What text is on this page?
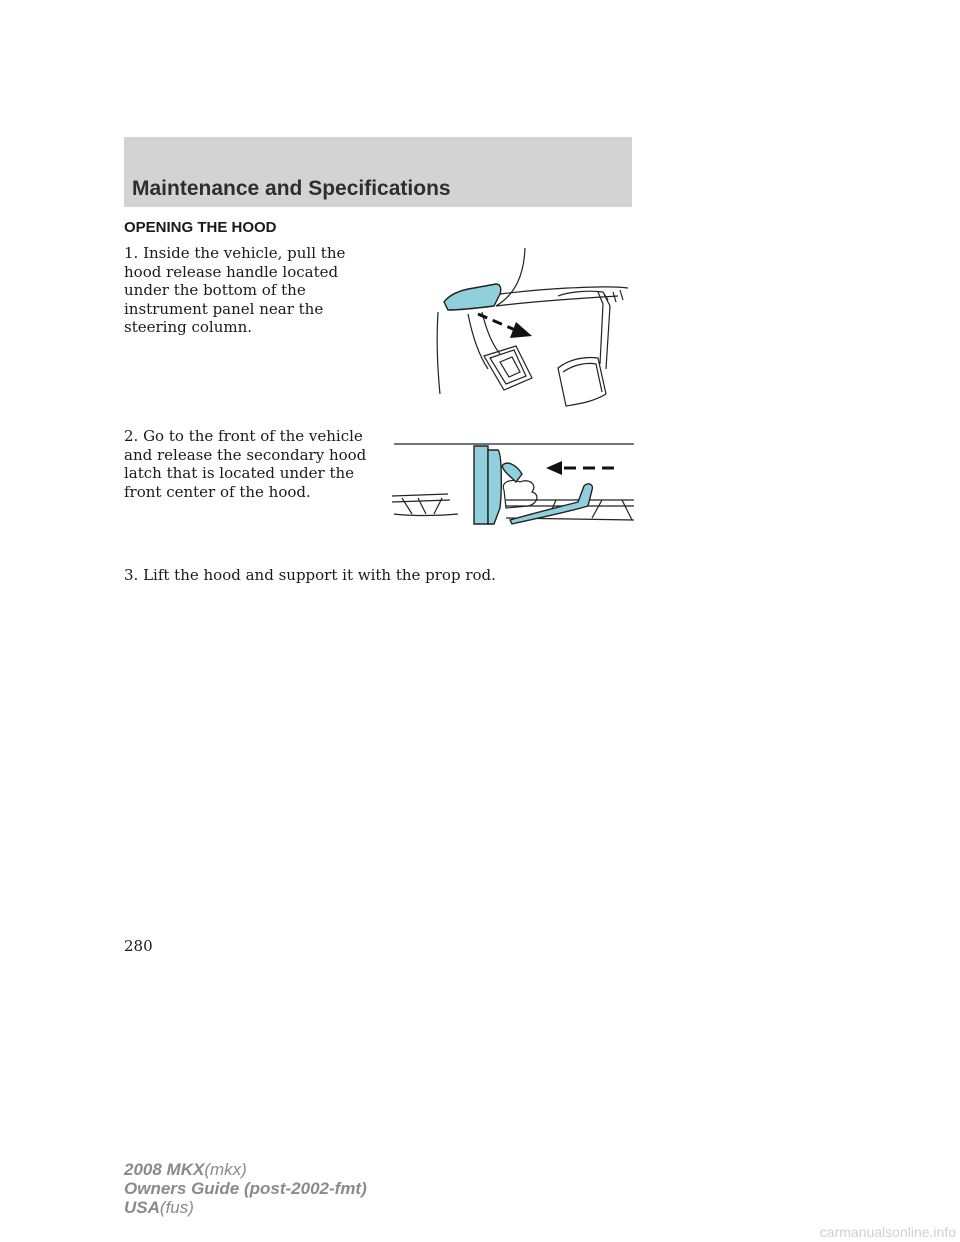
Maintenance and Specifications
OPENING THE HOOD

1. Inside the vehicle, pull the hood release handle located under the bottom of the instrument panel near the steering column.

2. Go to the front of the vehicle and release the secondary hood latch that is located under the front center of the hood.

3. Lift the hood and support it with the prop rod.

280

2008 MKX(mkx)
Owners Guide (post-2002-fmt)
USA(fus)
carmanualsonline.info
